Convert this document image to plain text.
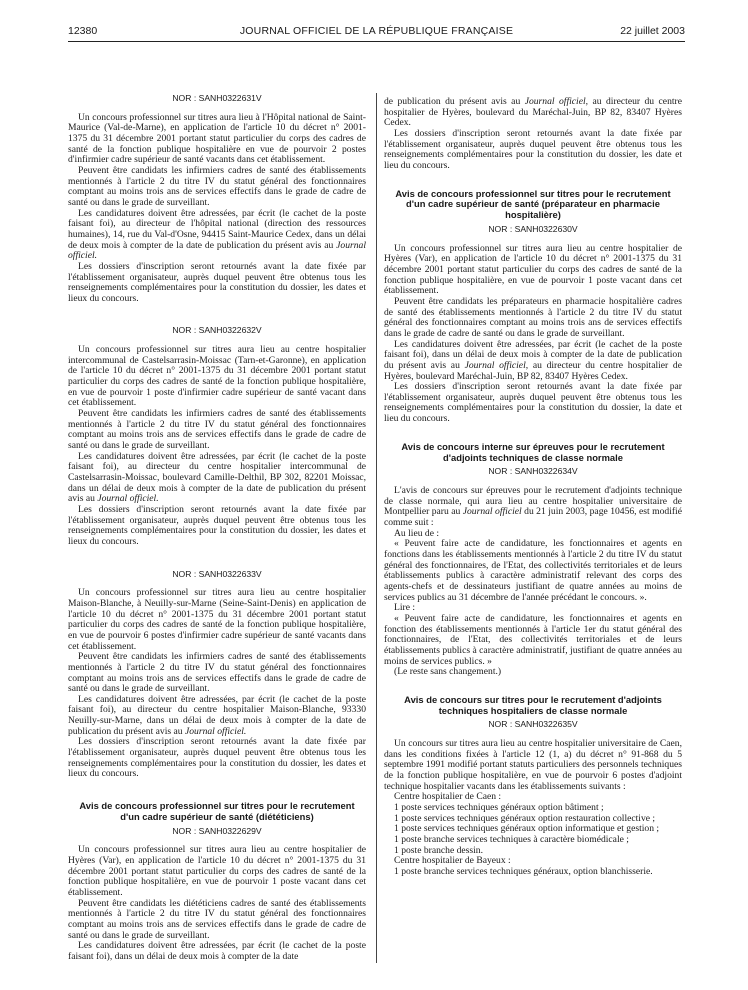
12380	JOURNAL OFFICIEL DE LA RÉPUBLIQUE FRANÇAISE	22 juillet 2003
NOR : SANH0322631V

Un concours professionnel sur titres aura lieu à l'Hôpital national de Saint-Maurice (Val-de-Marne), en application de l'article 10 du décret n° 2001-1375 du 31 décembre 2001 portant statut particulier du corps des cadres de santé de la fonction publique hospitalière en vue de pourvoir 2 postes d'infirmier cadre supérieur de santé vacants dans cet établissement.

Peuvent être candidats les infirmiers cadres de santé des établissements mentionnés à l'article 2 du titre IV du statut général des fonctionnaires comptant au moins trois ans de services effectifs dans le grade de cadre de santé ou dans le grade de surveillant.

Les candidatures doivent être adressées, par écrit (le cachet de la poste faisant foi), au directeur de l'hôpital national (direction des ressources humaines), 14, rue du Val-d'Osne, 94415 Saint-Maurice Cedex, dans un délai de deux mois à compter de la date de publication du présent avis au Journal officiel.

Les dossiers d'inscription seront retournés avant la date fixée par l'établissement organisateur, auprès duquel peuvent être obtenus tous les renseignements complémentaires pour la constitution du dossier, les dates et lieux du concours.

NOR : SANH0322632V

Un concours professionnel sur titres aura lieu au centre hospitalier intercommunal de Castelsarrasin-Moissac (Tarn-et-Garonne), en application de l'article 10 du décret n° 2001-1375 du 31 décembre 2001 portant statut particulier du corps des cadres de santé de la fonction publique hospitalière, en vue de pourvoir 1 poste d'infirmier cadre supérieur de santé vacant dans cet établissement.

Peuvent être candidats les infirmiers cadres de santé des établissements mentionnés à l'article 2 du titre IV du statut général des fonctionnaires comptant au moins trois ans de services effectifs dans le grade de cadre de santé ou dans le grade de surveillant.

Les candidatures doivent être adressées, par écrit (le cachet de la poste faisant foi), au directeur du centre hospitalier intercommunal de Castelsarrasin-Moissac, boulevard Camille-Delthil, BP 302, 82201 Moissac, dans un délai de deux mois à compter de la date de publication du présent avis au Journal officiel.

Les dossiers d'inscription seront retournés avant la date fixée par l'établissement organisateur, auprès duquel peuvent être obtenus tous les renseignements complémentaires pour la constitution du dossier, les dates et lieux du concours.

NOR : SANH0322633V

Un concours professionnel sur titres aura lieu au centre hospitalier Maison-Blanche, à Neuilly-sur-Marne (Seine-Saint-Denis) en application de l'article 10 du décret n° 2001-1375 du 31 décembre 2001 portant statut particulier du corps des cadres de santé de la fonction publique hospitalière, en vue de pourvoir 6 postes d'infirmier cadre supérieur de santé vacants dans cet établissement.

Peuvent être candidats les infirmiers cadres de santé des établissements mentionnés à l'article 2 du titre IV du statut général des fonctionnaires comptant au moins trois ans de services effectifs dans le grade de cadre de santé ou dans le grade de surveillant.

Les candidatures doivent être adressées, par écrit (le cachet de la poste faisant foi), au directeur du centre hospitalier Maison-Blanche, 93330 Neuilly-sur-Marne, dans un délai de deux mois à compter de la date de publication du présent avis au Journal officiel.

Les dossiers d'inscription seront retournés avant la date fixée par l'établissement organisateur, auprès duquel peuvent être obtenus tous les renseignements complémentaires pour la constitution du dossier, les dates et lieux du concours.

Avis de concours professionnel sur titres pour le recrutement d'un cadre supérieur de santé (diététiciens)
NOR : SANH0322629V

Un concours professionnel sur titres aura lieu au centre hospitalier de Hyères (Var), en application de l'article 10 du décret n° 2001-1375 du 31 décembre 2001 portant statut particulier du corps des cadres de santé de la fonction publique hospitalière, en vue de pourvoir 1 poste vacant dans cet établissement.

Peuvent être candidats les diététiciens cadres de santé des établissements mentionnés à l'article 2 du titre IV du statut général des fonctionnaires comptant au moins trois ans de services effectifs dans le grade de cadre de santé ou dans le grade de surveillant.

Les candidatures doivent être adressées, par écrit (le cachet de la poste faisant foi), dans un délai de deux mois à compter de la date

de publication du présent avis au Journal officiel, au directeur du centre hospitalier de Hyères, boulevard du Maréchal-Juin, BP 82, 83407 Hyères Cedex.

Les dossiers d'inscription seront retournés avant la date fixée par l'établissement organisateur, auprès duquel peuvent être obtenus tous les renseignements complémentaires pour la constitution du dossier, les date et lieu du concours.

Avis de concours professionnel sur titres pour le recrutement d'un cadre supérieur de santé (préparateur en pharmacie hospitalière)
NOR : SANH0322630V

Un concours professionnel sur titres aura lieu au centre hospitalier de Hyères (Var), en application de l'article 10 du décret n° 2001-1375 du 31 décembre 2001 portant statut particulier du corps des cadres de santé de la fonction publique hospitalière, en vue de pourvoir 1 poste vacant dans cet établissement.

Peuvent être candidats les préparateurs en pharmacie hospitalière cadres de santé des établissements mentionnés à l'article 2 du titre IV du statut général des fonctionnaires comptant au moins trois ans de services effectifs dans le grade de cadre de santé ou dans le grade de surveillant.

Les candidatures doivent être adressées, par écrit (le cachet de la poste faisant foi), dans un délai de deux mois à compter de la date de publication du présent avis au Journal officiel, au directeur du centre hospitalier de Hyères, boulevard Maréchal-Juin, BP 82, 83407 Hyères Cedex.

Les dossiers d'inscription seront retournés avant la date fixée par l'établissement organisateur, auprès duquel peuvent être obtenus tous les renseignements complémentaires pour la constitution du dossier, la date et lieu du concours.

Avis de concours interne sur épreuves pour le recrutement d'adjoints techniques de classe normale
NOR : SANH0322634V

L'avis de concours sur épreuves pour le recrutement d'adjoints technique de classe normale, qui aura lieu au centre hospitalier universitaire de Montpellier paru au Journal officiel du 21 juin 2003, page 10456, est modifié comme suit :

Au lieu de :

« Peuvent faire acte de candidature, les fonctionnaires et agents en fonctions dans les établissements mentionnés à l'article 2 du titre IV du statut général des fonctionnaires, de l'Etat, des collectivités territoriales et de leurs établissements publics à caractère administratif relevant des corps des agents-chefs et de dessinateurs justifiant de quatre années au moins de services publics au 31 décembre de l'année précédant le concours. ».

Lire :

« Peuvent faire acte de candidature, les fonctionnaires et agents en fonction des établissements mentionnés à l'article 1er du statut général des fonctionnaires, de l'Etat, des collectivités territoriales et de leurs établissements publics à caractère administratif, justifiant de quatre années au moins de services publics. »

(Le reste sans changement.)

Avis de concours sur titres pour le recrutement d'adjoints techniques hospitaliers de classe normale
NOR : SANH0322635V

Un concours sur titres aura lieu au centre hospitalier universitaire de Caen, dans les conditions fixées à l'article 12 (1, a) du décret n° 91-868 du 5 septembre 1991 modifié portant statuts particuliers des personnels techniques de la fonction publique hospitalière, en vue de pourvoir 6 postes d'adjoint technique hospitalier vacants dans les établissements suivants :

Centre hospitalier de Caen :

1 poste services techniques généraux option bâtiment ;

1 poste services techniques généraux option restauration collective ;

1 poste services techniques généraux option informatique et gestion ;

1 poste branche services techniques à caractère biomédicale ;

1 poste branche dessin.

Centre hospitalier de Bayeux :

1 poste branche services techniques généraux, option blanchisserie.
